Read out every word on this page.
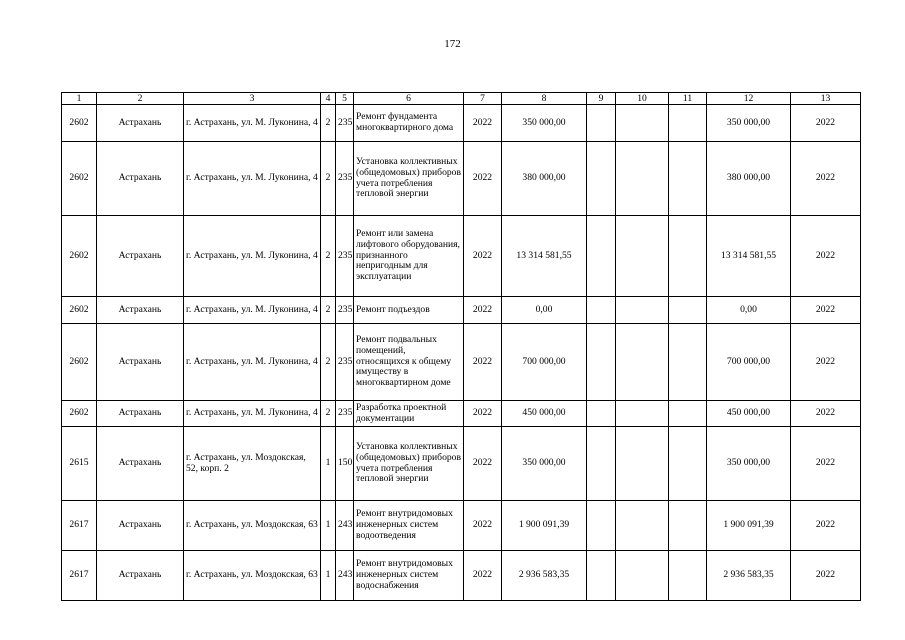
172
1	2	3	4	5	6	7	8	9	10	11	12	13
2602	Астрахань	г. Астрахань, ул. М. Луконина, 4	2	235	Ремонт фундамента многоквартирного дома	2022	350 000,00				350 000,00	2022
2602	Астрахань	г. Астрахань, ул. М. Луконина, 4	2	235	Установка коллективных (общедомовых) приборов учета потребления тепловой энергии	2022	380 000,00				380 000,00	2022
2602	Астрахань	г. Астрахань, ул. М. Луконина, 4	2	235	Ремонт или замена лифтового оборудования, признанного непригодным для эксплуатации	2022	13 314 581,55				13 314 581,55	2022
2602	Астрахань	г. Астрахань, ул. М. Луконина, 4	2	235	Ремонт подъездов	2022	0,00				0,00	2022
2602	Астрахань	г. Астрахань, ул. М. Луконина, 4	2	235	Ремонт подвальных помещений, относящихся к общему имуществу в многоквартирном доме	2022	700 000,00				700 000,00	2022
2602	Астрахань	г. Астрахань, ул. М. Луконина, 4	2	235	Разработка проектной документации	2022	450 000,00				450 000,00	2022
2615	Астрахань	г. Астрахань, ул. Моздокская, 52, корп. 2	1	150	Установка коллективных (общедомовых) приборов учета потребления тепловой энергии	2022	350 000,00				350 000,00	2022
2617	Астрахань	г. Астрахань, ул. Моздокская, 63	1	243	Ремонт внутридомовых инженерных систем водоотведения	2022	1 900 091,39				1 900 091,39	2022
2617	Астрахань	г. Астрахань, ул. Моздокская, 63	1	243	Ремонт внутридомовых инженерных систем водоснабжения	2022	2 936 583,35				2 936 583,35	2022
